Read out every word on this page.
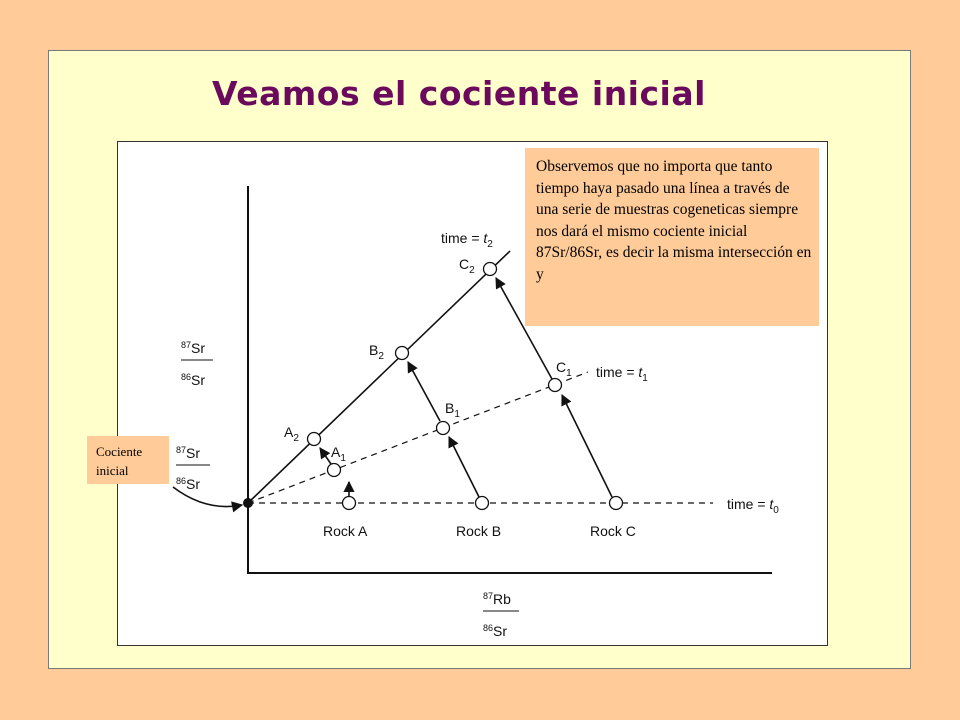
Veamos el cociente inicial
$A_2$
$A_1$
$B_2$
$B_1$
$C_2$
$C_1$
Rock A	Rock B	Rock C
time = $t_0$
time = $t_1$
time = $t_2$
$^{87}$Sr
$^{86}$Sr
$^{87}$Sr
$^{86}$Sr
$^{87}$Rb
$^{86}$Sr
Observemos que no importa que tanto tiempo haya pasado una línea a través de una serie de muestras cogeneticas siempre nos dará el mismo cociente inicial 87Sr/86Sr, es decir la misma intersección en y
Cociente inicial
